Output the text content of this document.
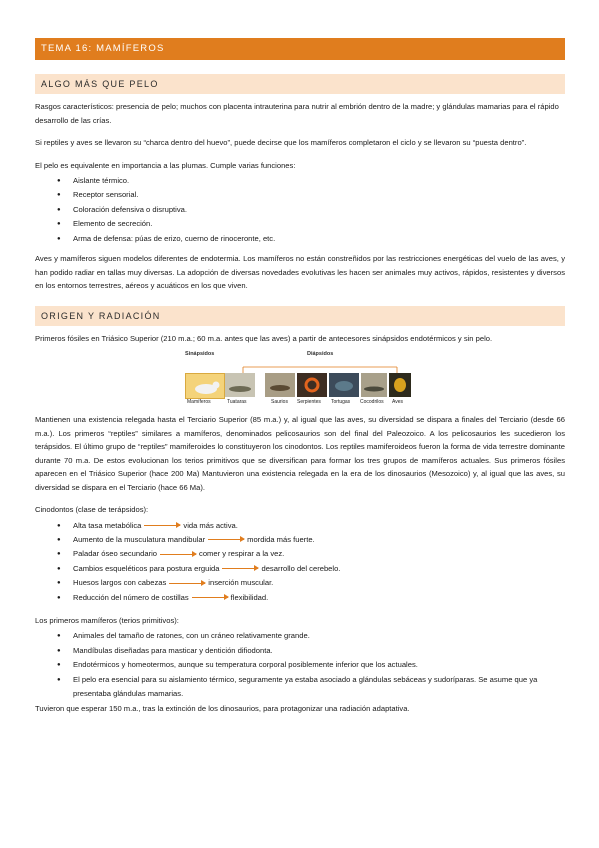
TEMA 16: MAMÍFEROS
ALGO MÁS QUE PELO

Rasgos característicos: presencia de pelo; muchos con placenta intrauterina para nutrir al embrión dentro de la madre; y glándulas mamarias para el rápido desarrollo de las crías.

Si reptiles y aves se llevaron su “charca dentro del huevo”, puede decirse que los mamíferos completaron el ciclo y se llevaron su “puesta dentro”.

El pelo es equivalente en importancia a las plumas. Cumple varias funciones:

● Aislante térmico.
● Receptor sensorial.
● Coloración defensiva o disruptiva.
● Elemento de secreción.
● Arma de defensa: púas de erizo, cuerno de rinoceronte, etc.

Aves y mamíferos siguen modelos diferentes de endotermia. Los mamíferos no están constreñidos por las restricciones energéticas del vuelo de las aves, y han podido radiar en tallas muy diversas. La adopción de diversas novedades evolutivas les hacen ser animales muy activos, rápidos, resistentes y diversos en los entornos terrestres, aéreos y acuáticos en los que viven.

ORIGEN Y RADIACIÓN

Primeros fósiles en Triásico Superior (210 m.a.; 60 m.a. antes que las aves) a partir de antecesores sinápsidos endotérmicos y sin pelo.

Sinápsidos	Diápsidos
Mamíferos	Tuataras	Saurios Serpientes Tortugas Cocodrilos Aves

Mantienen una existencia relegada hasta el Terciario Superior (85 m.a.) y, al igual que las aves, su diversidad se dispara a finales del Terciario (desde 66 m.a.). Los primeros “reptiles” similares a mamíferos, denominados pelicosaurios son del final del Paleozoico. A los pelicosaurios les sucedieron los terápsidos. El último grupo de “reptiles” mamiferoides lo constituyeron los cinodontos. Los reptiles mamiferoideos fueron la forma de vida terrestre dominante durante 70 m.a. De estos evolucionan los terios primitivos que se diversifican para formar los tres grupos de mamíferos actuales. Sus primeros fósiles aparecen en el Triásico Superior (hace 200 Ma) Mantuvieron una existencia relegada en la era de los dinosaurios (Mesozoico) y, al igual que las aves, su diversidad se dispara en el Terciario (hace 66 Ma).

Cinodontos (clase de terápsidos):

● Alta tasa metabólica	vida más activa.
● Aumento de la musculatura mandibular	mordida más fuerte.
● Paladar óseo secundario	comer y respirar a la vez.
● Cambios esqueléticos para postura erguida	desarrollo del cerebelo.
● Huesos largos con cabezas	inserción muscular.
● Reducción del número de costillas	flexibilidad.

Los primeros mamíferos (terios primitivos):

● Animales del tamaño de ratones, con un cráneo relativamente grande.
● Mandíbulas diseñadas para masticar y dentición difiodonta.
● Endotérmicos y homeotermos, aunque su temperatura corporal posiblemente inferior que los actuales.
● El pelo era esencial para su aislamiento térmico, seguramente ya estaba asociado a glándulas sebáceas y sudoríparas. Se asume que ya presentaba glándulas mamarias.

Tuvieron que esperar 150 m.a., tras la extinción de los dinosaurios, para protagonizar una radiación adaptativa.
